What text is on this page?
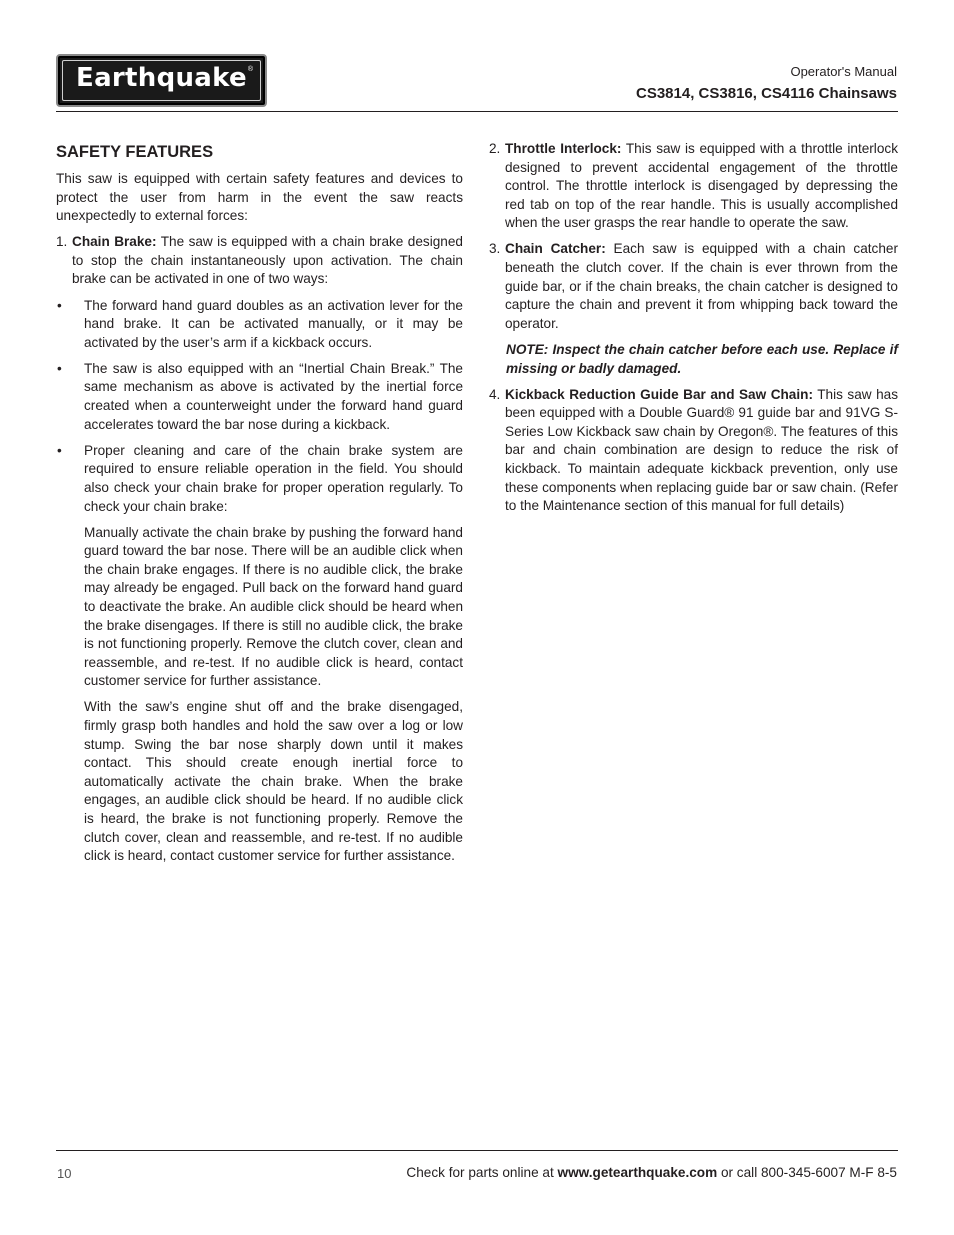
Earthquake ®	Operator's Manual
CS3814, CS3816, CS4116 Chainsaws
SAFETY FEATURES

This saw is equipped with certain safety features and devices to protect the user from harm in the event the saw reacts unexpectedly to external forces:

1. Chain Brake: The saw is equipped with a chain brake designed to stop the chain instantaneously upon activation. The chain brake can be activated in one of two ways:
•	The forward hand guard doubles as an activation lever for the hand brake. It can be activated manually, or it may be activated by the user’s arm if a kickback occurs.
•	The saw is also equipped with an “Inertial Chain Break.” The same mechanism as above is activated by the inertial force created when a counterweight under the forward hand guard accelerates toward the bar nose during a kickback.
•	Proper cleaning and care of the chain brake system are required to ensure reliable operation in the field. You should also check your chain brake for proper operation regularly. To check your chain brake:

Manually activate the chain brake by pushing the forward hand guard toward the bar nose. There will be an audible click when the chain brake engages. If there is no audible click, the brake may already be engaged. Pull back on the forward hand guard to deactivate the brake. An audible click should be heard when the brake disengages. If there is still no audible click, the brake is not functioning properly. Remove the clutch cover, clean and reassemble, and re-test. If no audible click is heard, contact customer service for further assistance.

With the saw’s engine shut off and the brake disengaged, firmly grasp both handles and hold the saw over a log or low stump. Swing the bar nose sharply down until it makes contact. This should create enough inertial force to automatically activate the chain brake. When the brake engages, an audible click should be heard. If no audible click is heard, the brake is not functioning properly. Remove the clutch cover, clean and reassemble, and re-test. If no audible click is heard, contact customer service for further assistance.

2. Throttle Interlock: This saw is equipped with a throttle interlock designed to prevent accidental engagement of the throttle control. The throttle interlock is disengaged by depressing the red tab on top of the rear handle. This is usually accomplished when the user grasps the rear handle to operate the saw.
3. Chain Catcher: Each saw is equipped with a chain catcher beneath the clutch cover. If the chain is ever thrown from the guide bar, or if the chain breaks, the chain catcher is designed to capture the chain and prevent it from whipping back toward the operator.

NOTE: Inspect the chain catcher before each use. Replace if missing or badly damaged.

4. Kickback Reduction Guide Bar and Saw Chain: This saw has been equipped with a Double Guard® 91 guide bar and 91VG S-Series Low Kickback saw chain by Oregon®. The features of this bar and chain combination are design to reduce the risk of kickback. To maintain adequate kickback prevention, only use these components when replacing guide bar or saw chain. (Refer to the Maintenance section of this manual for full details)
10	Check for parts online at www.getearthquake.com or call 800-345-6007 M-F 8-5
